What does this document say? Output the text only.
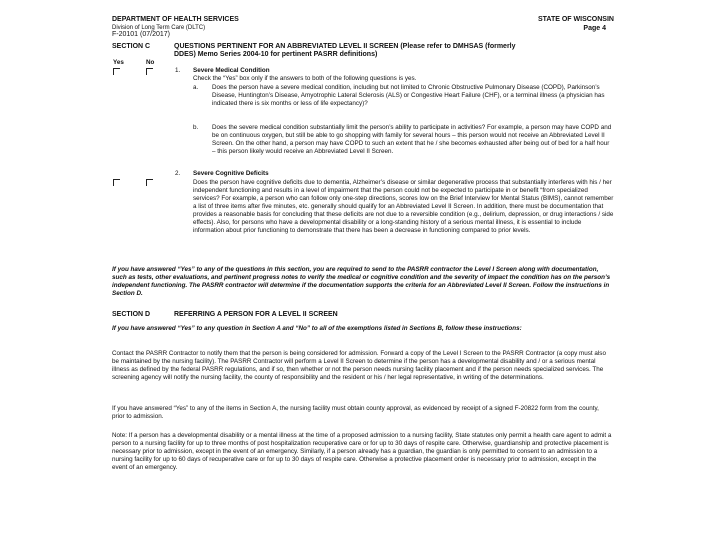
DEPARTMENT OF HEALTH SERVICES
Division of Long Term Care (DLTC)
F-20101 (07/2017)
STATE OF WISCONSIN
Page 4
SECTION C	QUESTIONS PERTINENT FOR AN ABBREVIATED LEVEL II SCREEN (Please refer to DMHSAS (formerly
DDES) Memo Series 2004-10 for pertinent PASRR definitions)
Yes	No
1. Severe Medical Condition
Check the “Yes” box only if the answers to both of the following questions is yes.
a. Does the person have a severe medical condition, including but not limited to Chronic Obstructive Pulmonary Disease (COPD), Parkinson’s Disease, Huntington’s Disease, Amyotrophic Lateral Sclerosis (ALS) or Congestive Heart Failure (CHF), or a terminal illness (a physician has indicated there is six months or less of life expectancy)?
b. Does the severe medical condition substantially limit the person’s ability to participate in activities? For example, a person may have COPD and be on continuous oxygen, but still be able to go shopping with family for several hours – this person would not receive an Abbreviated Level II Screen. On the other hand, a person may have COPD to such an extent that he / she becomes exhausted after being out of bed for a half hour – this person likely would receive an Abbreviated Level II Screen.
2. Severe Cognitive Deficits
Does the person have cognitive deficits due to dementia, Alzheimer’s disease or similar degenerative process that substantially interferes with his / her independent functioning and results in a level of impairment that the person could not be expected to participate in or benefit “from specialized services? For example, a person who can follow only one-step directions, scores low on the Brief Interview for Mental Status (BIMS), cannot remember a list of three items after five minutes, etc. generally should qualify for an Abbreviated Level II Screen. In addition, there must be documentation that provides a reasonable basis for concluding that these deficits are not due to a reversible condition (e.g., delirium, depression, or drug interactions / side effects). Also, for persons who have a developmental disability or a long-standing history of a serious mental illness, it is essential to include information about prior functioning to demonstrate that there has been a decrease in functioning compared to prior levels.
If you have answered “Yes” to any of the questions in this section, you are required to send to the PASRR contractor the Level I Screen along with documentation, such as tests, other evaluations, and pertinent progress notes to verify the medical or cognitive condition and the severity of impact the condition has on the person’s independent functioning. The PASRR contractor will determine if the documentation supports the criteria for an Abbreviated Level II Screen. Follow the instructions in Section D.
SECTION D	REFERRING A PERSON FOR A LEVEL II SCREEN
If you have answered “Yes” to any question in Section A and “No” to all of the exemptions listed in Sections B, follow these instructions:
Contact the PASRR Contractor to notify them that the person is being considered for admission. Forward a copy of the Level I Screen to the PASRR Contractor (a copy must also be maintained by the nursing facility). The PASRR Contractor will perform a Level II Screen to determine if the person has a developmental disability and / or a serious mental illness as defined by the federal PASRR regulations, and if so, then whether or not the person needs nursing facility placement and if the person needs specialized services. The screening agency will notify the nursing facility, the county of responsibility and the resident or his / her legal representative, in writing of the determinations.
If you have answered “Yes” to any of the items in Section A, the nursing facility must obtain county approval, as evidenced by receipt of a signed F-20822 form from the county, prior to admission.
Note: If a person has a developmental disability or a mental illness at the time of a proposed admission to a nursing facility, State statutes only permit a health care agent to admit a person to a nursing facility for up to three months of post hospitalization recuperative care or for up to 30 days of respite care. Otherwise, guardianship and protective placement is necessary prior to admission, except in the event of an emergency. Similarly, if a person already has a guardian, the guardian is only permitted to consent to an admission to a nursing facility for up to 60 days of recuperative care or for up to 30 days of respite care. Otherwise a protective placement order is necessary prior to admission, except in the event of an emergency.
